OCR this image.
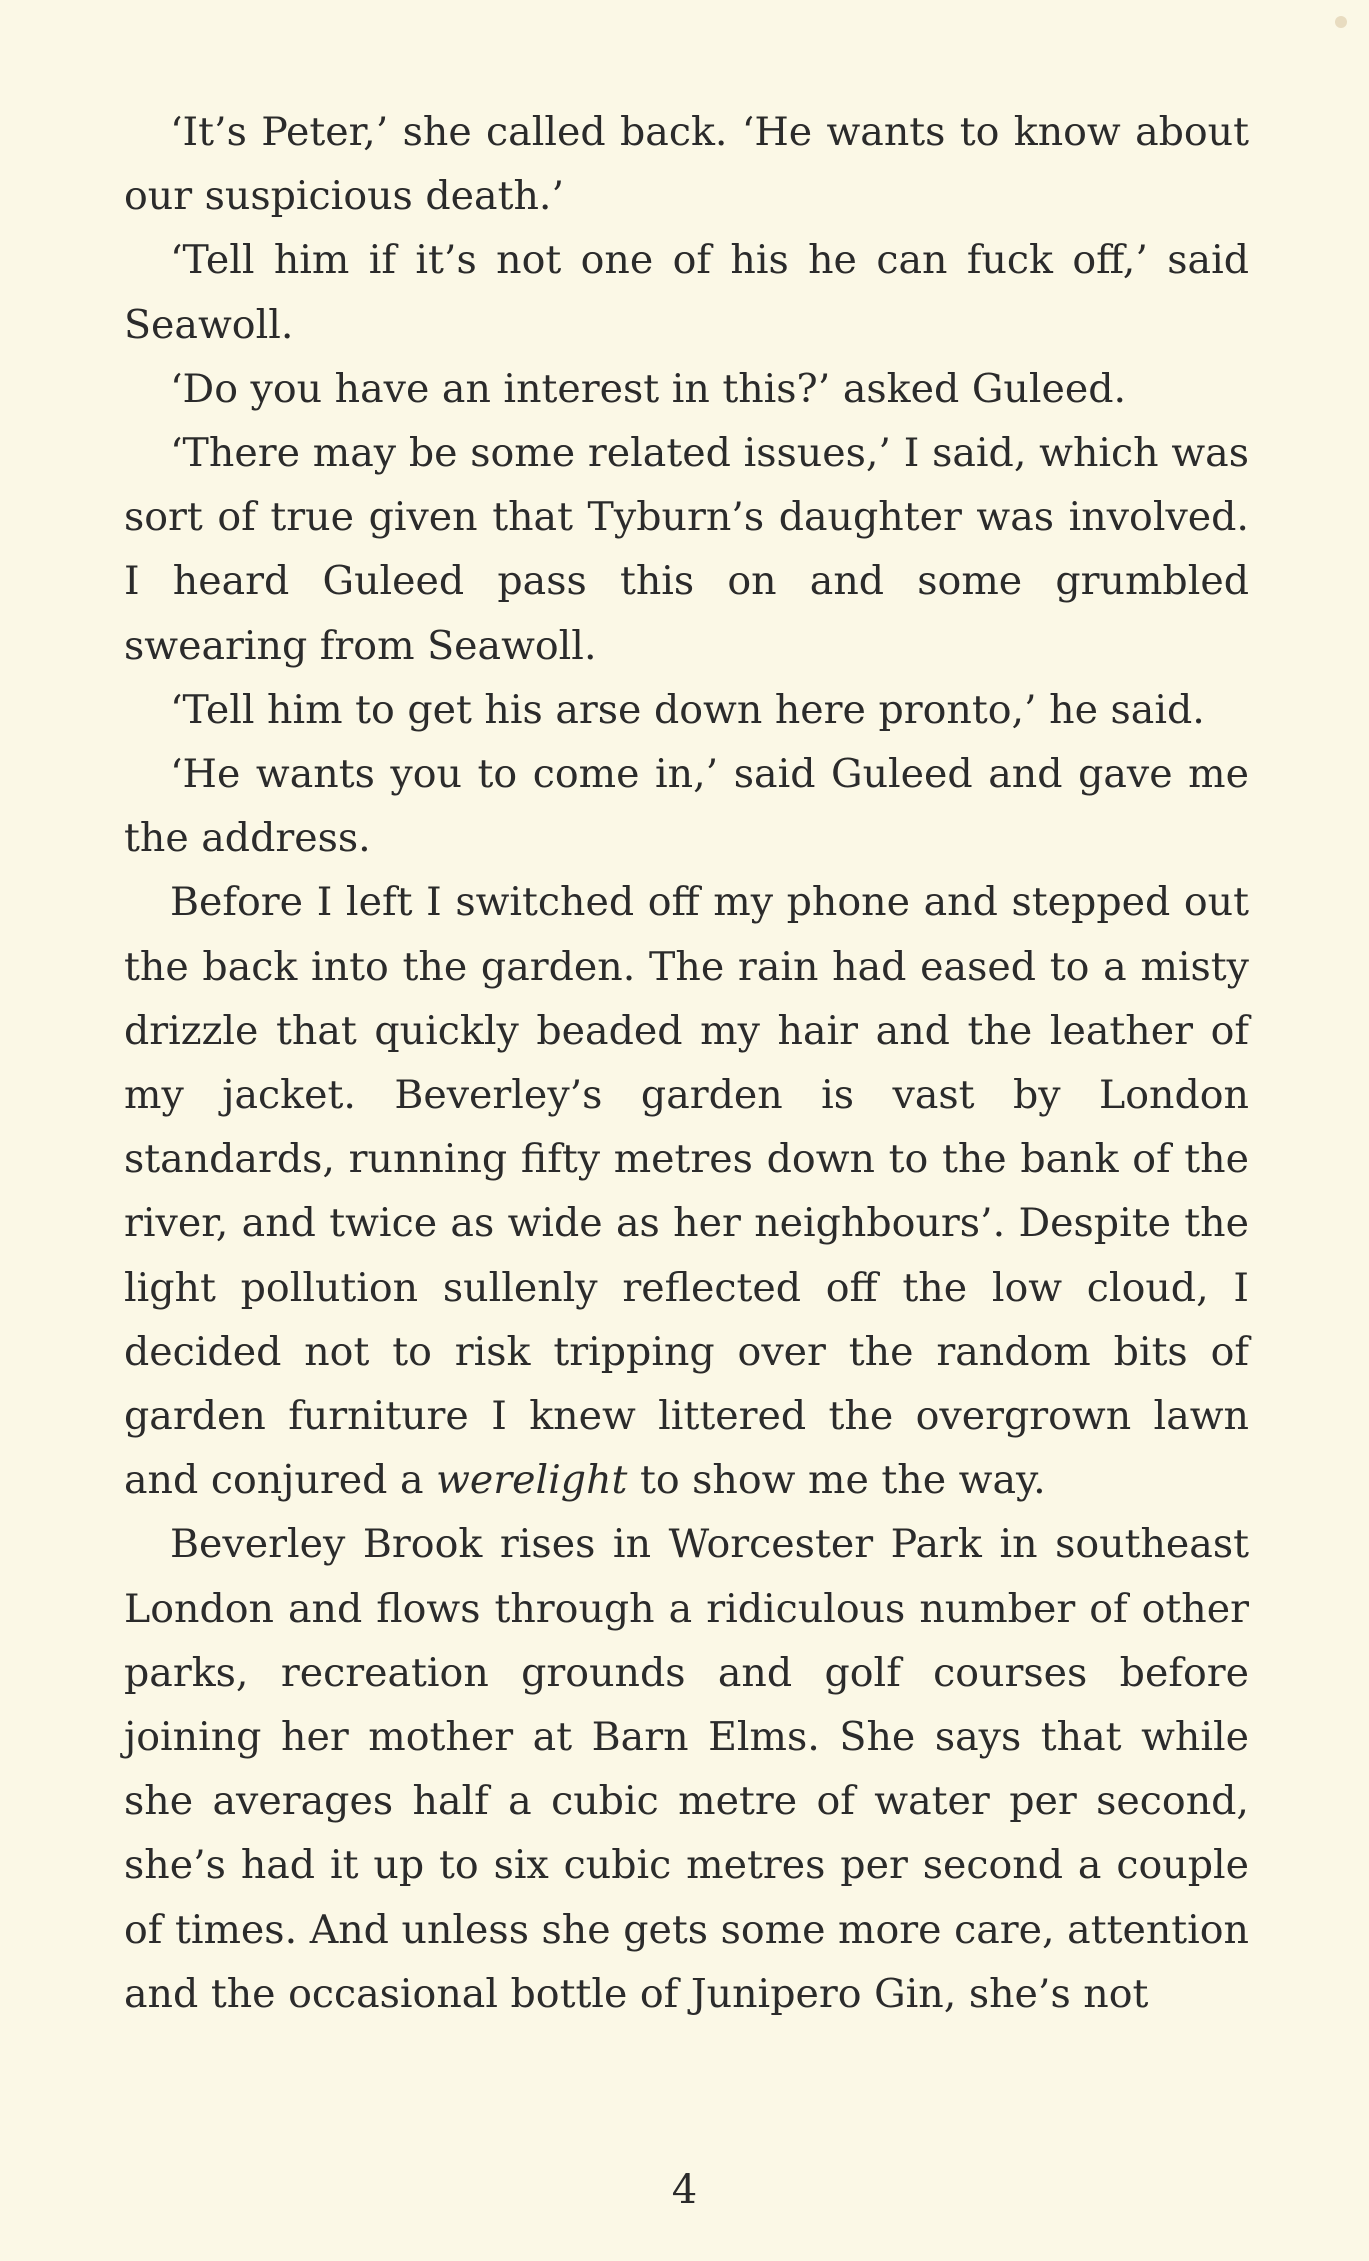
‘It’s Peter,’ she called back. ‘He wants to know about our suspicious death.’

‘Tell him if it’s not one of his he can fuck off,’ said Seawoll.

‘Do you have an interest in this?’ asked Guleed.

‘There may be some related issues,’ I said, which was sort of true given that Tyburn’s daughter was involved. I heard Guleed pass this on and some grumbled swearing from Seawoll.

‘Tell him to get his arse down here pronto,’ he said.

‘He wants you to come in,’ said Guleed and gave me the address.

Before I left I switched off my phone and stepped out the back into the garden. The rain had eased to a misty drizzle that quickly beaded my hair and the leather of my jacket. Beverley’s garden is vast by London standards, running fifty metres down to the bank of the river, and twice as wide as her neighbours’. Despite the light pollution sullenly reflected off the low cloud, I decided not to risk tripping over the random bits of garden furniture I knew littered the overgrown lawn and conjured a werelight to show me the way.

Beverley Brook rises in Worcester Park in southeast London and flows through a ridiculous number of other parks, recreation grounds and golf courses before joining her mother at Barn Elms. She says that while she averages half a cubic metre of water per second, she’s had it up to six cubic metres per second a couple of times. And unless she gets some more care, attention and the occasional bottle of Junipero Gin, she’s not

4
